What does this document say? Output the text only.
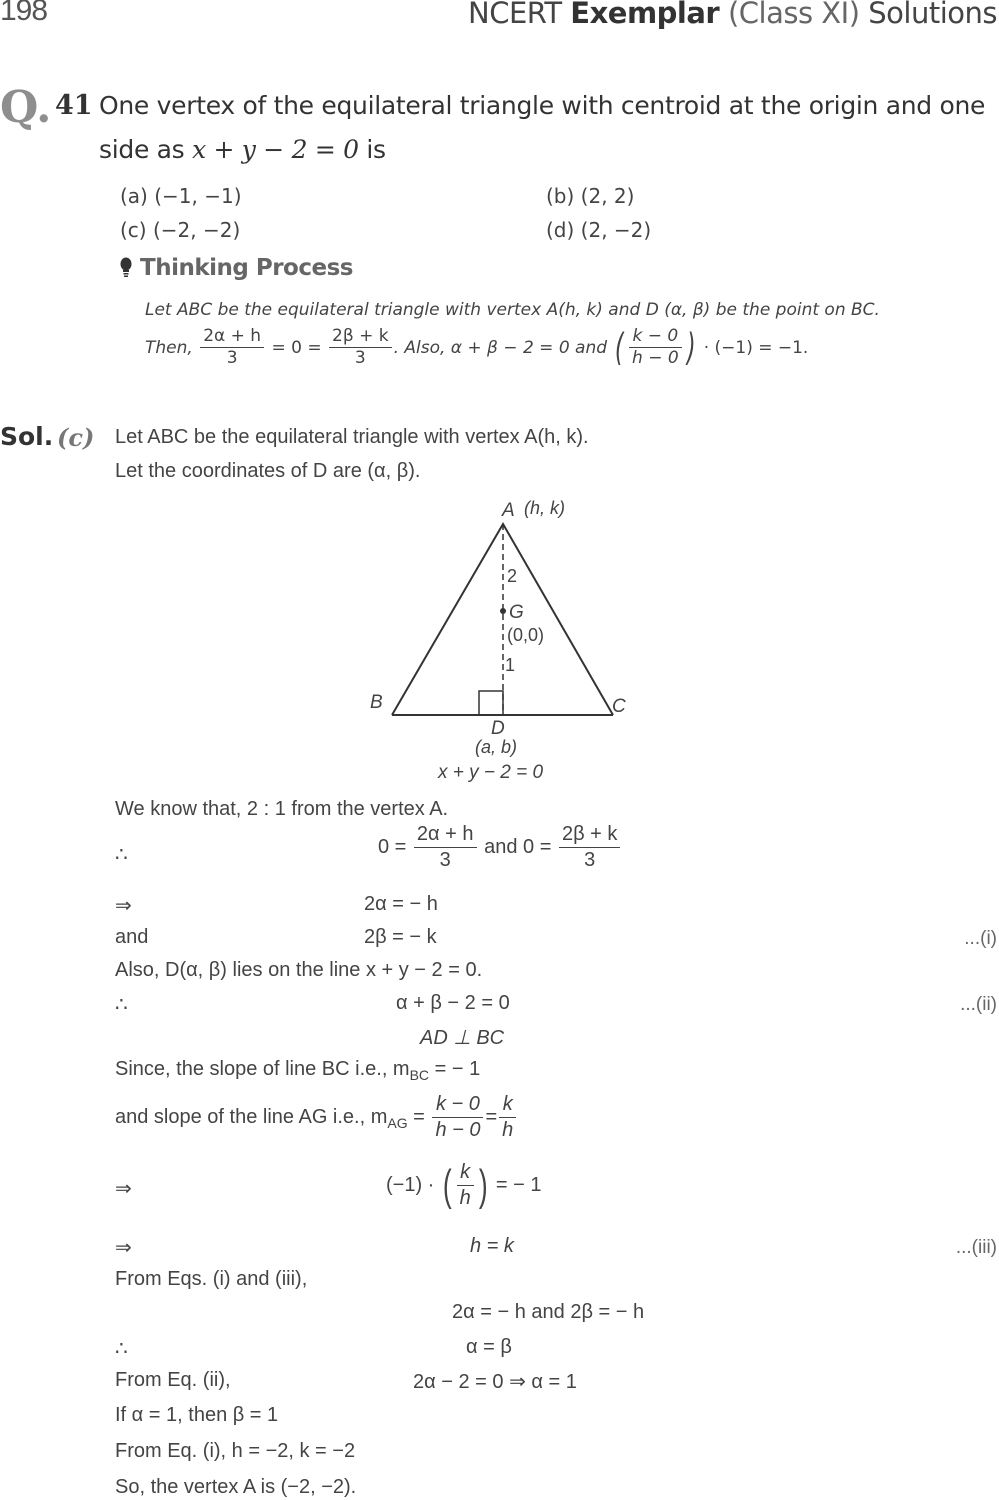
198	NCERT Exemplar (Class XI) Solutions
Q. 41 One vertex of the equilateral triangle with centroid at the origin and one
side as x + y − 2 = 0 is
(a) (−1, −1)	(b) (2, 2)
(c) (−2, −2)	(d) (2, −2)
Thinking Process
Let ABC be the equilateral triangle with vertex A(h, k) and D (α, β) be the point on BC.
Then, $\frac{2\alpha + h}{3} = 0 = \frac{2\beta + k}{3}$ . Also, α + β − 2 = 0 and ( $\frac{k - 0}{h - 0}$ ) · (−1) = −1.
Sol. (c) Let ABC be the equilateral triangle with vertex A(h, k).
Let the coordinates of D are (α, β).
A (h, k)
B	C
D
(a, b)
G
(0,0)
2
1
x + y − 2 = 0
We know that, 2 : 1 from the vertex A.
∴	$0 = \frac{2\alpha + h}{3}$ and $0 = \frac{2\beta + k}{3}$
⇒	2α = − h
and	2β = − k	...(i)
Also, D(α, β) lies on the line x + y − 2 = 0.
∴	α + β − 2 = 0	...(ii)
AD ⊥ BC
Since, the slope of line BC i.e., $m_{BC}$ = − 1
and slope of the line AG i.e., $m_{AG} = \frac{k - 0}{h - 0} = \frac{k}{h}$
⇒	(−1) · ( $\frac{k}{h}$ ) = − 1
⇒	h = k	...(iii)
From Eqs. (i) and (iii),
2α = − h and 2β = − h
∴	α = β
From Eq. (ii),	2α − 2 = 0 ⇒ α = 1
If α = 1, then β = 1
From Eq. (i), h = −2, k = −2
So, the vertex A is (−2, −2).
